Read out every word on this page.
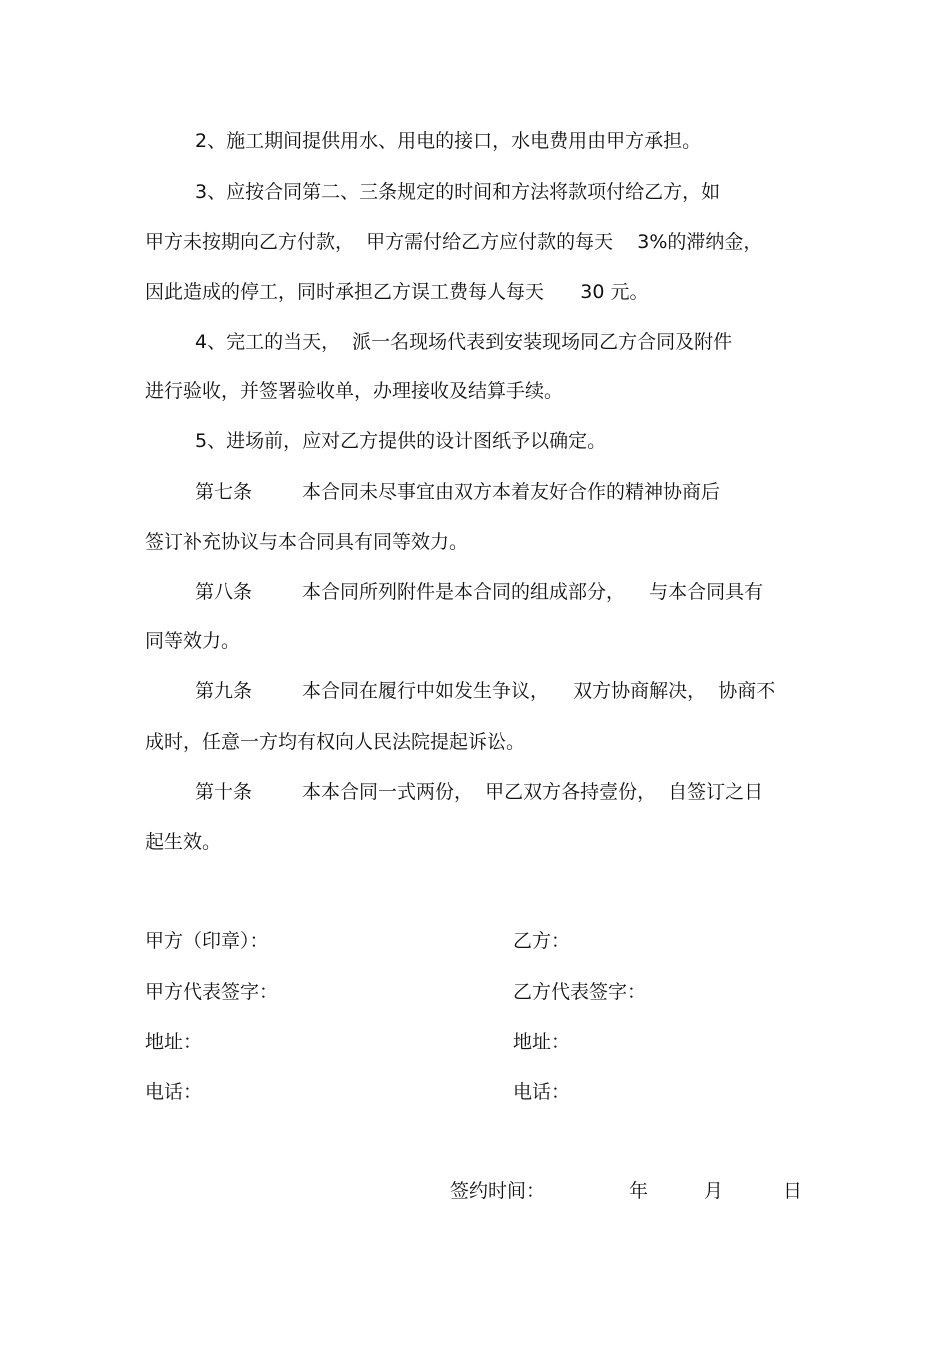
2、施工期间提供用水、用电的接口，水电费用由甲方承担。
3、应按合同第二、三条规定的时间和方法将款项付给乙方，如
甲方未按期向乙方付款，  甲方需付给乙方应付款的每天    3%的滞纳金，
因此造成的停工，同时承担乙方误工费每人每天      30 元。
4、完工的当天，  派一名现场代表到安装现场同乙方合同及附件
进行验收，并签署验收单，办理接收及结算手续。
5、进场前，应对乙方提供的设计图纸予以确定。
第七条	本合同未尽事宜由双方本着友好合作的精神协商后
签订补充协议与本合同具有同等效力。
第八条	本合同所列附件是本合同的组成部分，    与本合同具有
同等效力。
第九条	本合同在履行中如发生争议，    双方协商解决，  协商不
成时，任意一方均有权向人民法院提起诉讼。
第十条	本本合同一式两份，  甲乙双方各持壹份，  自签订之日
起生效。
甲方（印章）：	乙方：
甲方代表签字：	乙方代表签字：
地址：	地址：
电话：	电话：
签约时间：	年	月	日
